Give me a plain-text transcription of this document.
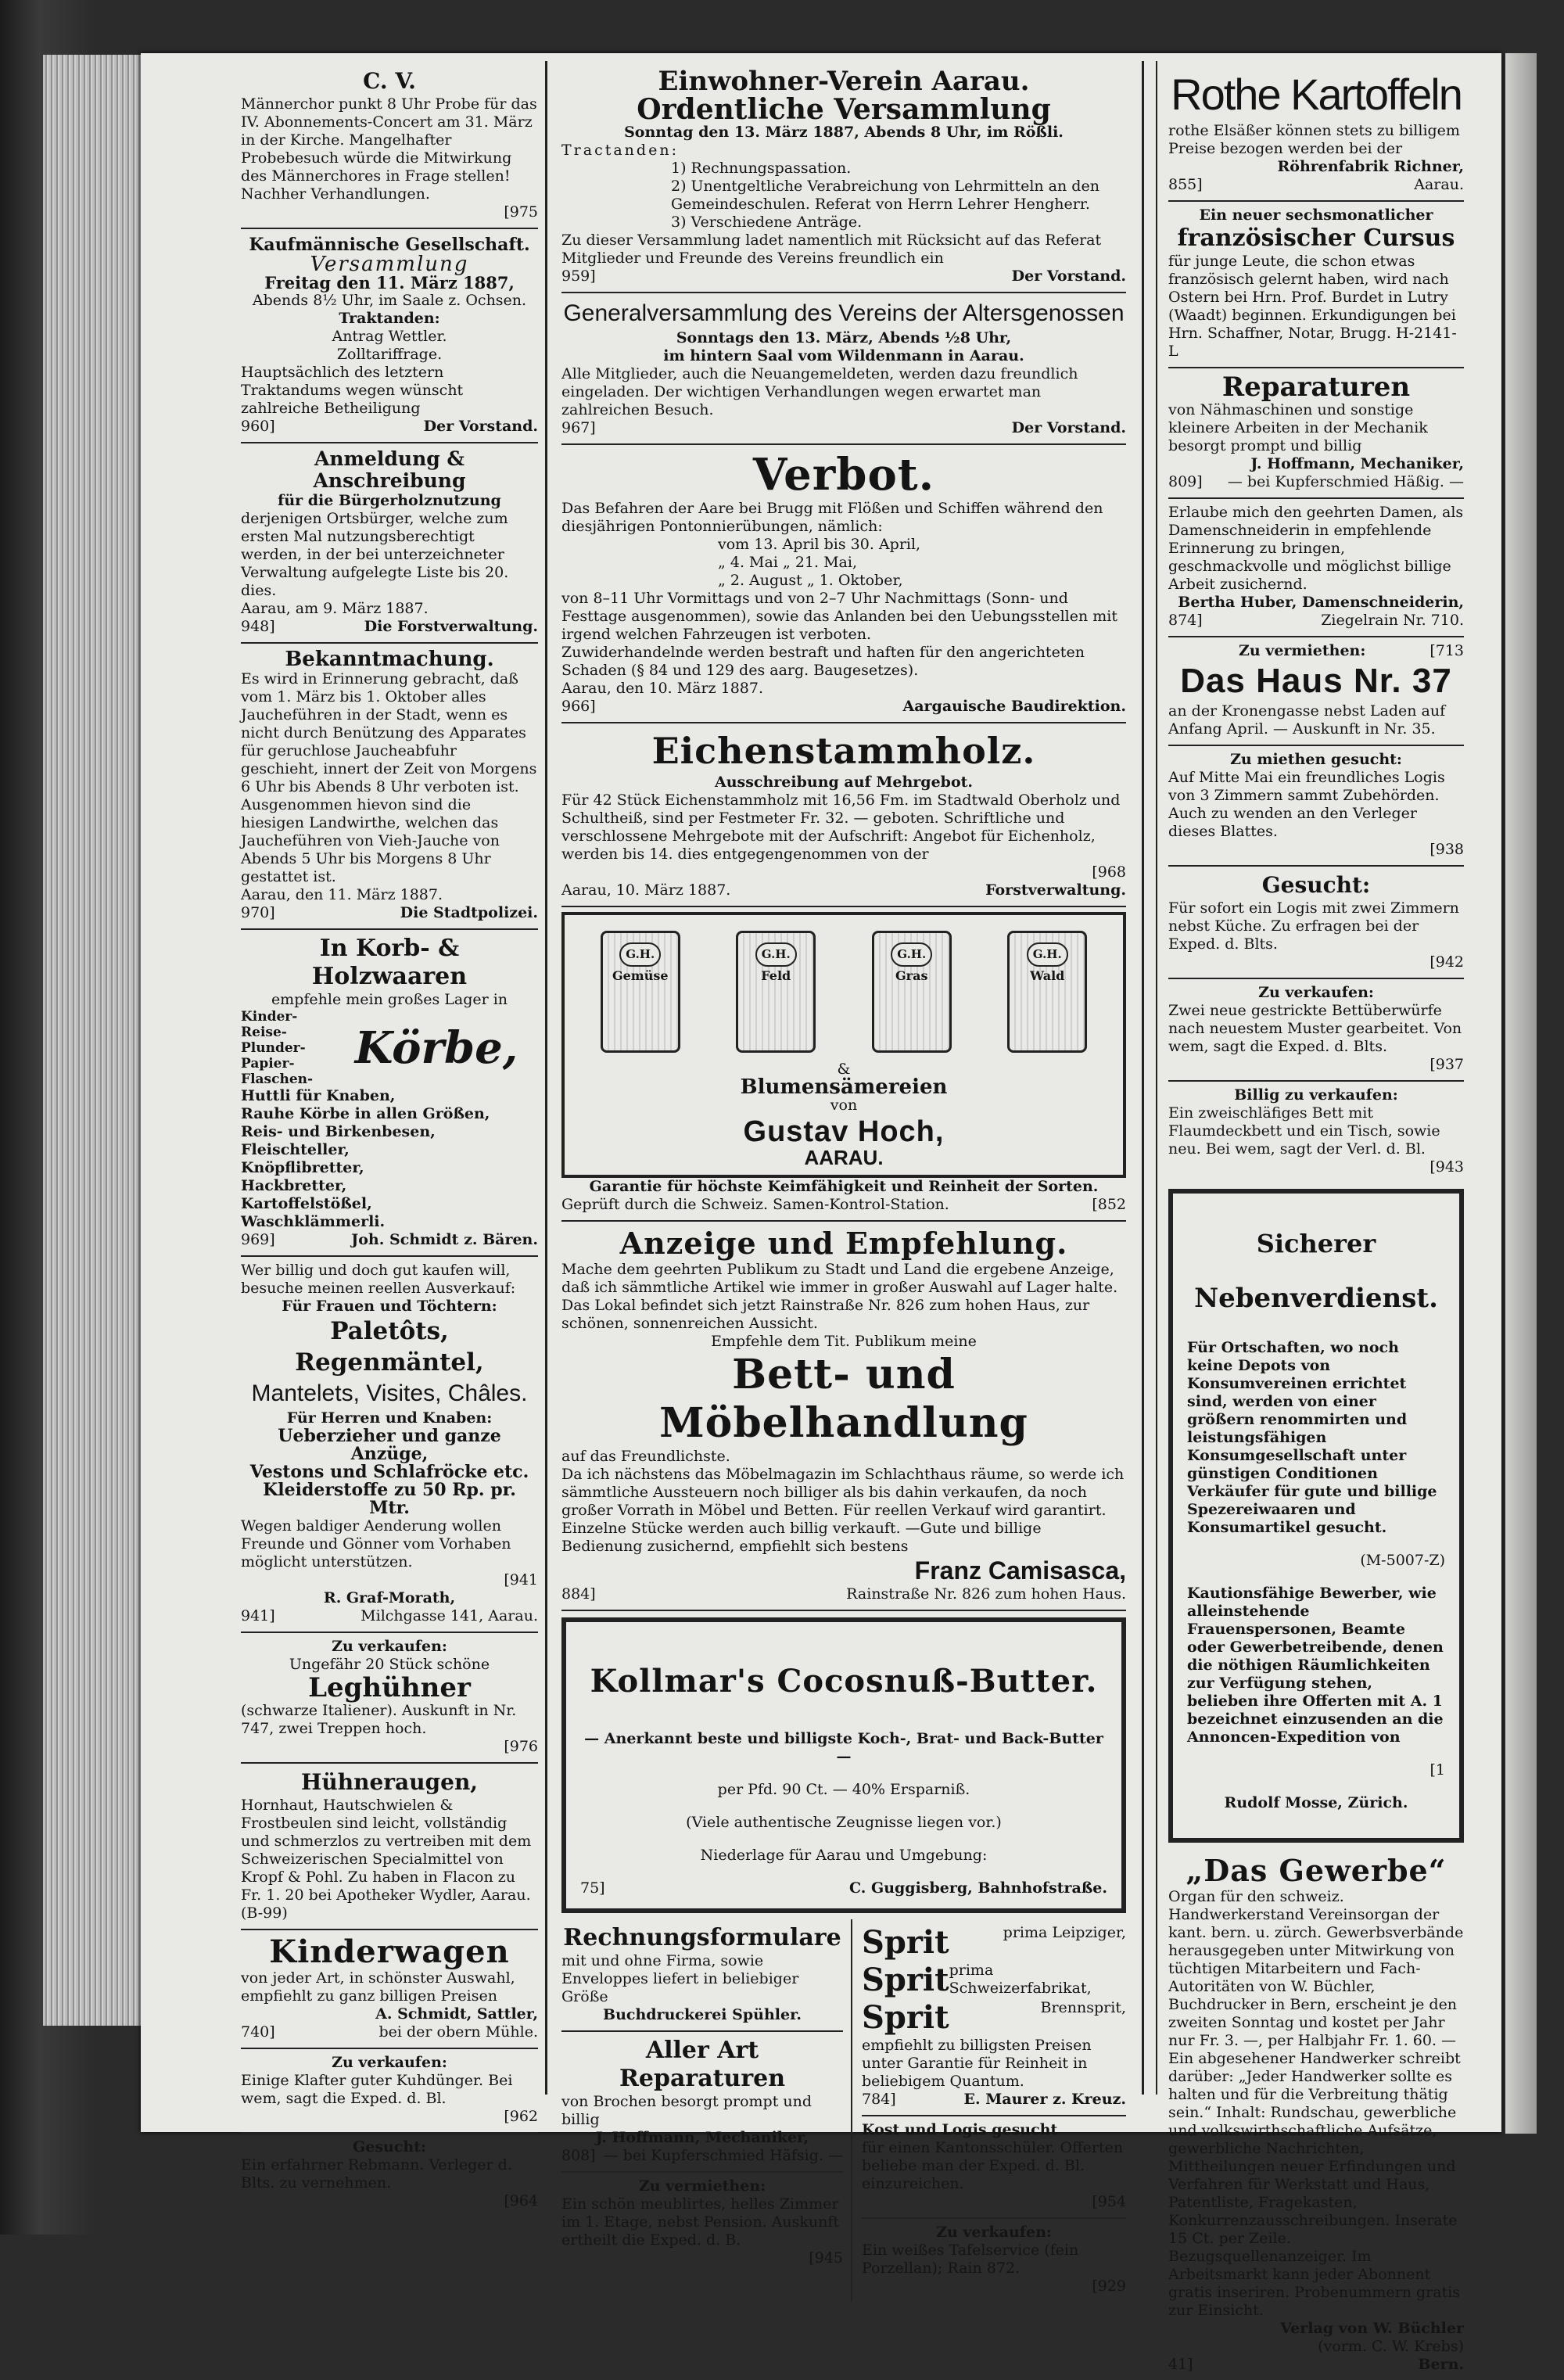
C. V.

Männerchor punkt 8 Uhr Probe für das IV. Abonnements-Concert am 31. März in der Kirche. Mangelhafter Probebesuch würde die Mitwirkung des Männerchores in Frage stellen! Nachher Verhandlungen.

[975

Kaufmännische Gesellschaft.

Versammlung

Freitag den 11. März 1887,

Abends 8½ Uhr, im Saale z. Ochsen.

Traktanden:

Antrag Wettler.

Zolltariffrage.

Hauptsächlich des letztern Traktandums wegen wünscht zahlreiche Betheiligung

960]	Der Vorstand.

Anmeldung & Anschreibung

für die Bürgerholznutzung

derjenigen Ortsbürger, welche zum ersten Mal nutzungsberechtigt werden, in der bei unterzeichneter Verwaltung aufgelegte Liste bis 20. dies.

Aarau, am 9. März 1887.

948]	Die Forstverwaltung.

Bekanntmachung.

Es wird in Erinnerung gebracht, daß vom 1. März bis 1. Oktober alles Jaucheführen in der Stadt, wenn es nicht durch Benützung des Apparates für geruchlose Jaucheabfuhr geschieht, innert der Zeit von Morgens 6 Uhr bis Abends 8 Uhr verboten ist.

Ausgenommen hievon sind die hiesigen Landwirthe, welchen das Jaucheführen von Vieh-Jauche von Abends 5 Uhr bis Morgens 8 Uhr gestattet ist.

Aarau, den 11. März 1887.

970]	Die Stadtpolizei.

In Korb- & Holzwaaren

empfehle mein großes Lager in

Kinder-
Reise-
Plunder-
Papier-
Flaschen-
Körbe,
Huttli für Knaben,
Rauhe Körbe in allen Größen,
Reis- und Birkenbesen,
Fleischteller,
Knöpflibretter,
Hackbretter,
Kartoffelstößel,
Waschklämmerli.
969]	Joh. Schmidt z. Bären.

Wer billig und doch gut kaufen will, besuche meinen reellen Ausverkauf:

Für Frauen und Töchtern:

Paletôts, Regenmäntel,

Mantelets, Visites, Châles.

Für Herren und Knaben:

Ueberzieher und ganze Anzüge,

Vestons und Schlafröcke etc.

Kleiderstoffe zu 50 Rp. pr. Mtr.

Wegen baldiger Aenderung wollen Freunde und Gönner vom Vorhaben möglicht unterstützen.

[941

R. Graf-Morath,

941]	Milchgasse 141, Aarau.

Zu verkaufen:

Ungefähr 20 Stück schöne

Leghühner

(schwarze Italiener). Auskunft in Nr. 747, zwei Treppen hoch.

[976

Hühneraugen,

Hornhaut, Hautschwielen & Frostbeulen sind leicht, vollständig und schmerzlos zu vertreiben mit dem Schweizerischen Specialmittel von Kropf & Pohl. Zu haben in Flacon zu Fr. 1. 20 bei Apotheker Wydler, Aarau. (B-99)

Kinderwagen

von jeder Art, in schönster Auswahl, empfiehlt zu ganz billigen Preisen

A. Schmidt, Sattler,

740]	bei der obern Mühle.

Zu verkaufen:

Einige Klafter guter Kuhdünger. Bei wem, sagt die Exped. d. Bl.

[962

Gesucht:

Ein erfahrner Rebmann. Verleger d. Blts. zu vernehmen.

[964

Einwohner-Verein Aarau.

Ordentliche Versammlung

Sonntag den 13. März 1887, Abends 8 Uhr, im Rößli.

Tractanden:

1) Rechnungspassation.

2) Unentgeltliche Verabreichung von Lehrmitteln an den Gemeindeschulen. Referat von Herrn Lehrer Hengherr.

3) Verschiedene Anträge.

Zu dieser Versammlung ladet namentlich mit Rücksicht auf das Referat Mitglieder und Freunde des Vereins freundlich ein

959]	Der Vorstand.

Generalversammlung des Vereins der Altersgenossen

Sonntags den 13. März, Abends ½8 Uhr,

im hintern Saal vom Wildenmann in Aarau.

Alle Mitglieder, auch die Neuangemeldeten, werden dazu freundlich eingeladen. Der wichtigen Verhandlungen wegen erwartet man zahlreichen Besuch.

967]	Der Vorstand.

Verbot.

Das Befahren der Aare bei Brugg mit Flößen und Schiffen während den diesjährigen Pontonnierübungen, nämlich:

vom 13. April bis 30. April,

„ 4. Mai „ 21. Mai,

„ 2. August „ 1. Oktober,

von 8–11 Uhr Vormittags und von 2–7 Uhr Nachmittags (Sonn- und Festtage ausgenommen), sowie das Anlanden bei den Uebungsstellen mit irgend welchen Fahrzeugen ist verboten.

Zuwiderhandelnde werden bestraft und haften für den angerichteten Schaden (§ 84 und 129 des aarg. Baugesetzes).

Aarau, den 10. März 1887.

966]	Aargauische Baudirektion.

Eichenstammholz.

Ausschreibung auf Mehrgebot.

Für 42 Stück Eichenstammholz mit 16,56 Fm. im Stadtwald Oberholz und Schultheiß, sind per Festmeter Fr. 32. — geboten. Schriftliche und verschlossene Mehrgebote mit der Aufschrift: Angebot für Eichenholz, werden bis 14. dies entgegengenommen von der

[968

Aarau, 10. März 1887.	Forstverwaltung.
G.H.
Gemüse
G.H.
Feld
G.H.
Gras
G.H.
Wald

&

Blumensämereien

von

Gustav Hoch,

AARAU.

Garantie für höchste Keimfähigkeit und Reinheit der Sorten.

Geprüft durch die Schweiz. Samen-Kontrol-Station.	[852

Anzeige und Empfehlung.

Mache dem geehrten Publikum zu Stadt und Land die ergebene Anzeige, daß ich sämmtliche Artikel wie immer in großer Auswahl auf Lager halte. Das Lokal befindet sich jetzt Rainstraße Nr. 826 zum hohen Haus, zur schönen, sonnenreichen Aussicht.

Empfehle dem Tit. Publikum meine

Bett- und Möbelhandlung

auf das Freundlichste.

Da ich nächstens das Möbelmagazin im Schlachthaus räume, so werde ich sämmtliche Aussteuern noch billiger als bis dahin verkaufen, da noch großer Vorrath in Möbel und Betten. Für reellen Verkauf wird garantirt. Einzelne Stücke werden auch billig verkauft. —Gute und billige Bedienung zusichernd, empfiehlt sich bestens

Franz Camisasca,

884]	Rainstraße Nr. 826 zum hohen Haus.

Kollmar's Cocosnuß-Butter.

— Anerkannt beste und billigste Koch-, Brat- und Back-Butter —

per Pfd. 90 Ct. — 40% Ersparniß.

(Viele authentische Zeugnisse liegen vor.)

Niederlage für Aarau und Umgebung:

75]	C. Guggisberg, Bahnhofstraße.

Rechnungsformulare

mit und ohne Firma, sowie Enveloppes liefert in beliebiger Größe

Buchdruckerei Spühler.

Aller Art Reparaturen

von Brochen besorgt prompt und billig

J. Hoffmann, Mechaniker,

808] — bei Kupferschmied Häfsig. —

Zu vermiethen:

Ein schön meublirtes, helles Zimmer im 1. Etage, nebst Pension. Auskunft ertheilt die Exped. d. B.

[945

Sprit	prima Leipziger,
Sprit prima Schweizerfabrikat,
Sprit	Brennsprit,

empfiehlt zu billigsten Preisen unter Garantie für Reinheit in beliebigem Quantum.

784]	E. Maurer z. Kreuz.

Kost und Logis gesucht

für einen Kantonsschüler. Offerten beliebe man der Exped. d. Bl. einzureichen.

[954

Zu verkaufen:

Ein weißes Tafelservice (fein Porzellan); Rain 872.

[929

Rothe Kartoffeln

rothe Elsäßer können stets zu billigem Preise bezogen werden bei der

Röhrenfabrik Richner,

855]	Aarau.

Ein neuer sechsmonatlicher

französischer Cursus

für junge Leute, die schon etwas französisch gelernt haben, wird nach Ostern bei Hrn. Prof. Burdet in Lutry (Waadt) beginnen. Erkundigungen bei Hrn. Schaffner, Notar, Brugg. H-2141-L

Reparaturen

von Nähmaschinen und sonstige kleinere Arbeiten in der Mechanik besorgt prompt und billig

J. Hoffmann, Mechaniker,

809] — bei Kupferschmied Häßig. —

Erlaube mich den geehrten Damen, als Damenschneiderin in empfehlende Erinnerung zu bringen, geschmackvolle und möglichst billige Arbeit zusichernd.

Bertha Huber, Damenschneiderin,

874]	Ziegelrain Nr. 710.
Zu vermiethen:	[713

Das Haus Nr. 37

an der Kronengasse nebst Laden auf Anfang April. — Auskunft in Nr. 35.

Zu miethen gesucht:

Auf Mitte Mai ein freundliches Logis von 3 Zimmern sammt Zubehörden. Auch zu wenden an den Verleger dieses Blattes.

[938

Gesucht:

Für sofort ein Logis mit zwei Zimmern nebst Küche. Zu erfragen bei der Exped. d. Blts.

[942

Zu verkaufen:

Zwei neue gestrickte Bettüberwürfe nach neuestem Muster gearbeitet. Von wem, sagt die Exped. d. Blts.

[937

Billig zu verkaufen:

Ein zweischläfiges Bett mit Flaumdeckbett und ein Tisch, sowie neu. Bei wem, sagt der Verl. d. Bl.

[943

Sicherer

Nebenverdienst.

Für Ortschaften, wo noch keine Depots von Konsumvereinen errichtet sind, werden von einer größern renommirten und leistungsfähigen Konsumgesellschaft unter günstigen Conditionen Verkäufer für gute und billige Spezereiwaaren und Konsumartikel gesucht.

(M-5007-Z)

Kautionsfähige Bewerber, wie alleinstehende Frauenspersonen, Beamte oder Gewerbetreibende, denen die nöthigen Räumlichkeiten zur Verfügung stehen, belieben ihre Offerten mit A. 1 bezeichnet einzusenden an die Annoncen-Expedition von

[1

Rudolf Mosse, Zürich.

„Das Gewerbe“

Organ für den schweiz. Handwerkerstand Vereinsorgan der kant. bern. u. zürch. Gewerbsverbände herausgegeben unter Mitwirkung von tüchtigen Mitarbeitern und Fach-Autoritäten von W. Büchler, Buchdrucker in Bern, erscheint je den zweiten Sonntag und kostet per Jahr nur Fr. 3. —, per Halbjahr Fr. 1. 60. — Ein abgesehener Handwerker schreibt darüber: „Jeder Handwerker sollte es halten und für die Verbreitung thätig sein.“ Inhalt: Rundschau, gewerbliche und volkswirthschaftliche Aufsätze, gewerbliche Nachrichten, Mittheilungen neuer Erfindungen und Verfahren für Werkstatt und Haus, Patentliste, Fragekasten, Konkurrenzausschreibungen. Inserate 15 Ct. per Zeile. Bezugsquellenanzeiger. Im Arbeitsmarkt kann jeder Abonnent gratis inseriren. Probenummern gratis zur Einsicht.

Verlag von W. Büchler

(vorm. C. W. Krebs)

41]	Bern.
